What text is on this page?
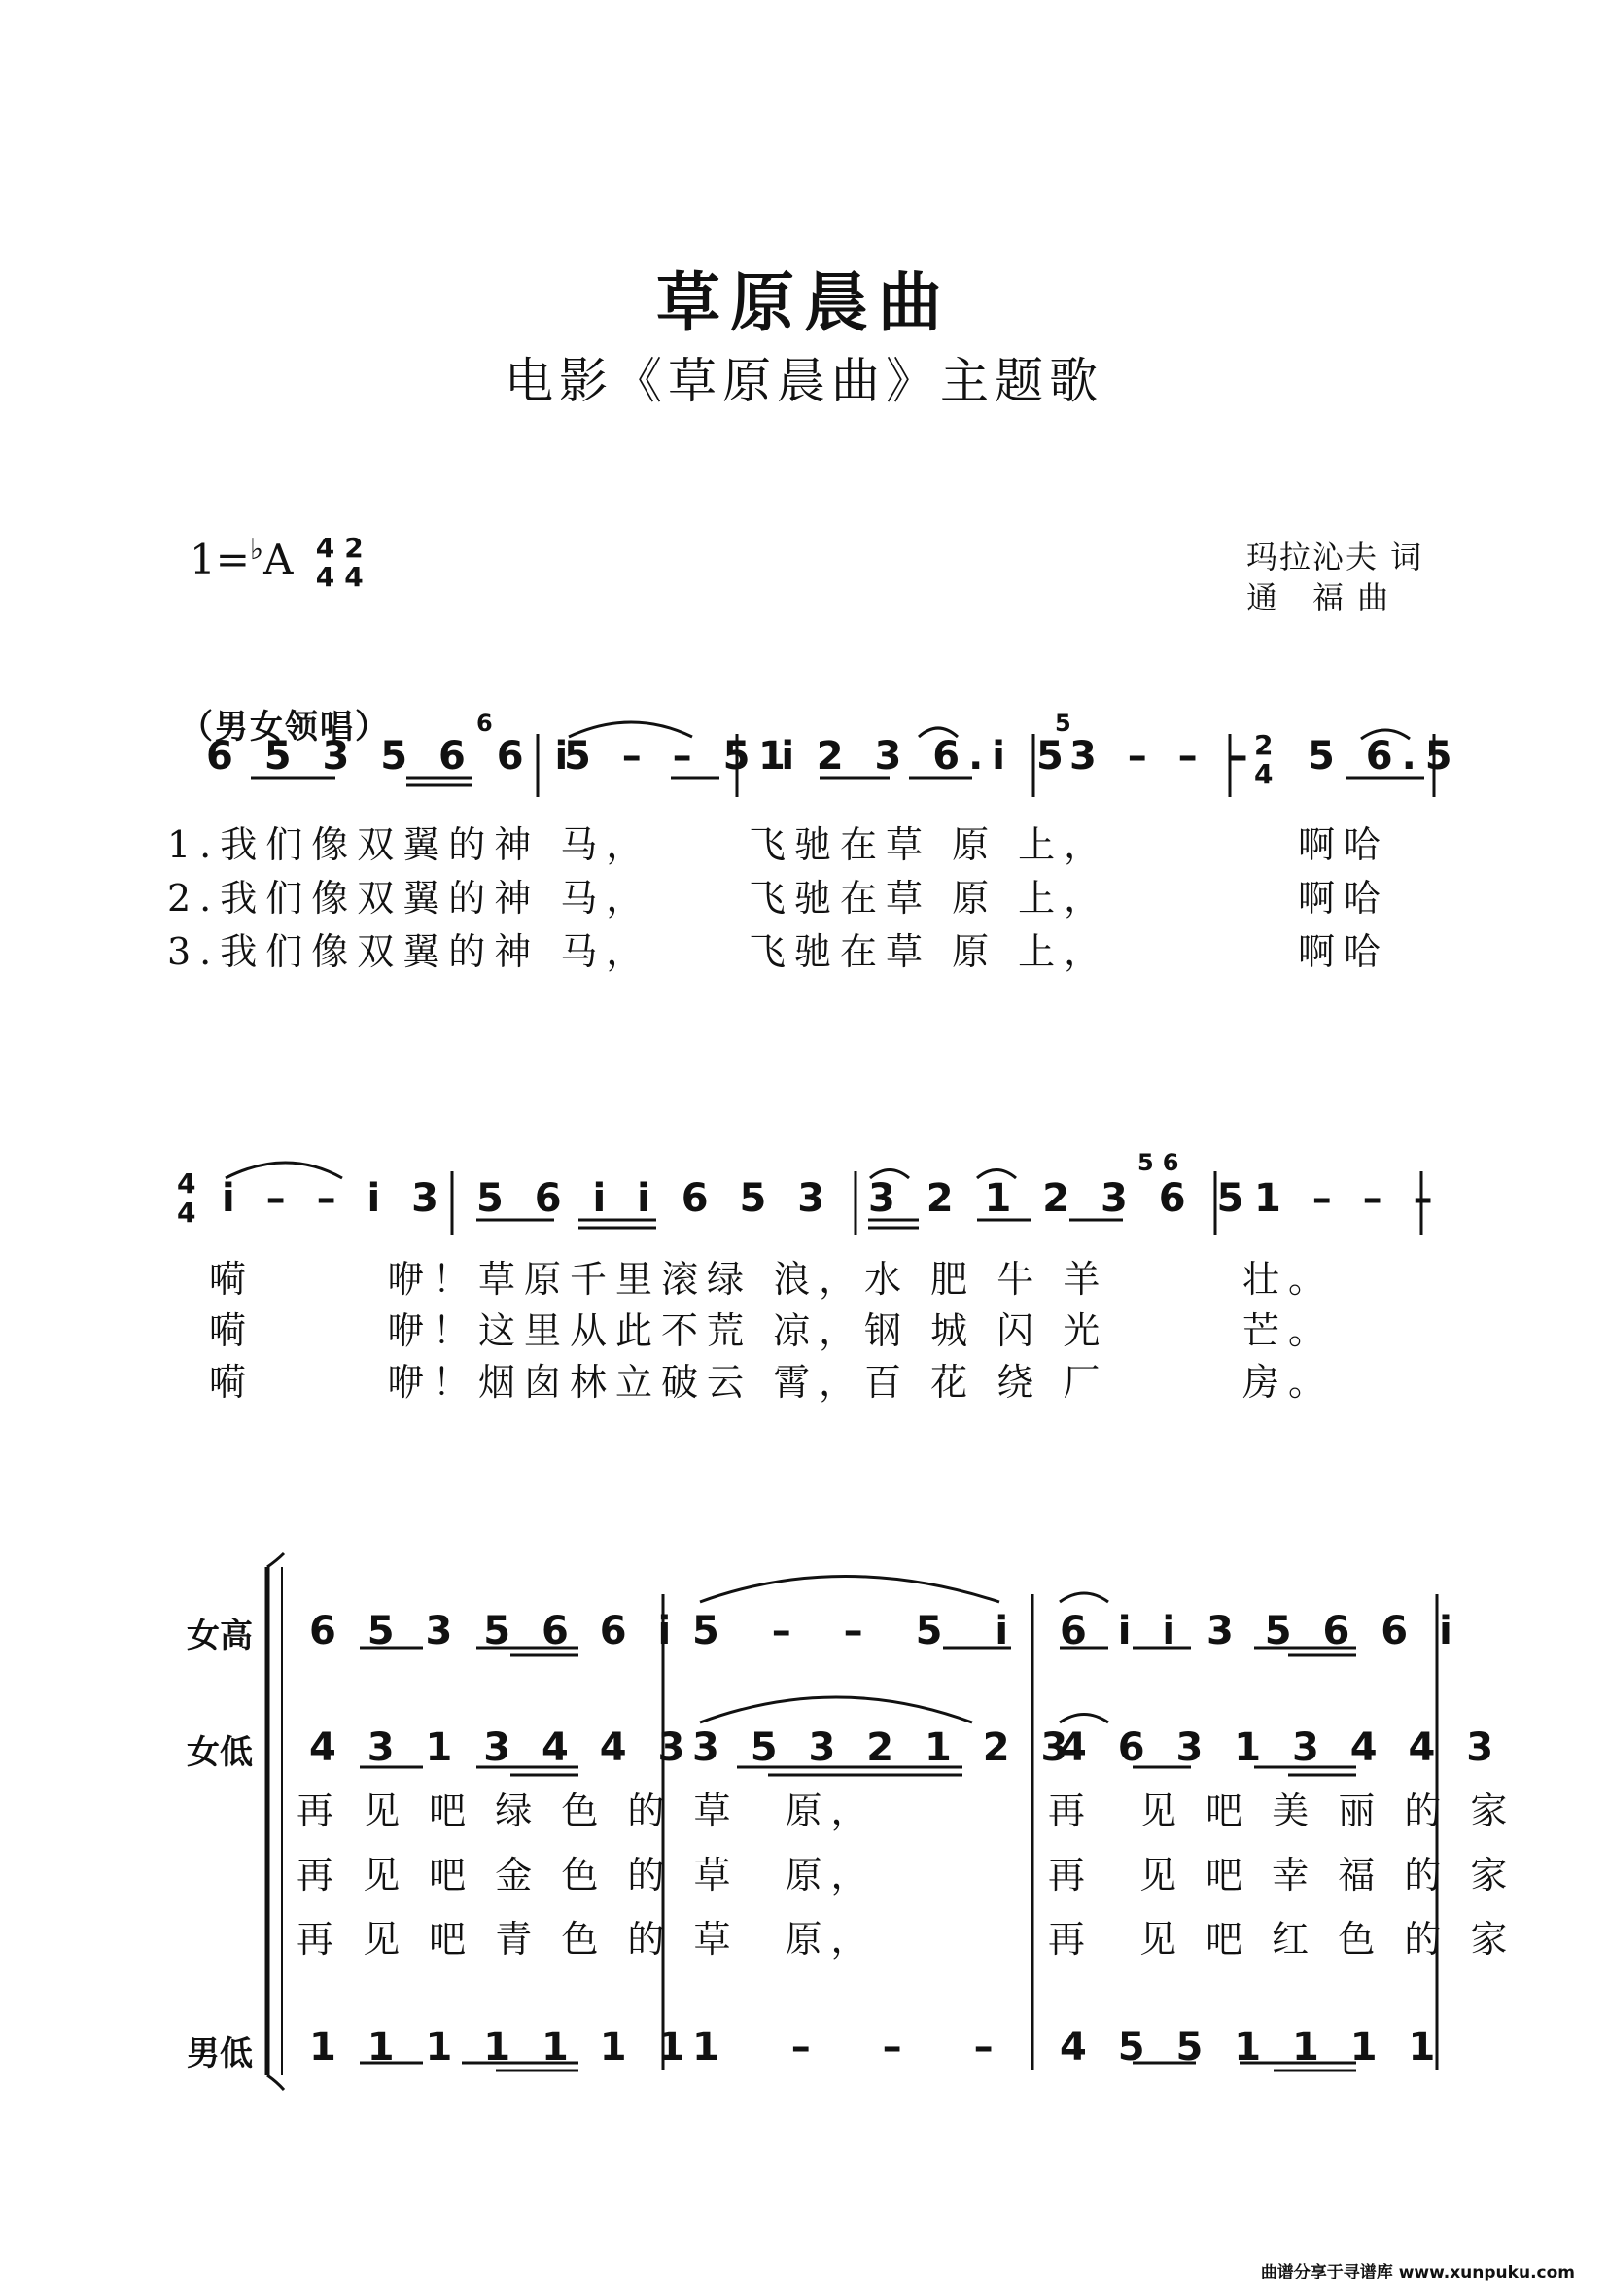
草原晨曲
电影《草原晨曲》主题歌
1=♭A 4
42
4
玛拉沁夫 词
通　福 曲
（男女领唱）
6 5 3 5 6 6 i
6
5 – – 5 i
1 2 3 6.i 5
5
3 – – –
2
4 5 6.5
1.我们像双翼的神 马，	飞驰在草 原 上，	啊哈
2.我们像双翼的神 马，	飞驰在草 原 上，	啊哈
3.我们像双翼的神 马，	飞驰在草 原 上，	啊哈
4
4 i – – i 3 5 6 i i 6 5 3 3 2 1 2 3 6 5
56
1 – – –
嗬	咿！草原千里滚绿 浪，水 肥 牛 羊	壮。
嗬	咿！这里从此不荒 凉，钢 城 闪 光	芒。
嗬	咿！烟囱林立破云 霄，百 花 绕 厂	房。
女高
女低
男低
6 5 3 5 6 6 i 5 – – 5 i 6 i i 3 5 6 6 i
4 3 1 3 4 4 3
3 5 3 2 1 2 3
4 6 3 1 3 4 4 3
再 见 吧 绿 色 的 草　原，	再　见 吧 美 丽 的 家
再 见 吧 金 色 的 草　原，	再　见 吧 幸 福 的 家
再 见 吧 青 色 的 草　原，	再　见 吧 红 色 的 家
1 1 1 1 1 1 1
1 – – – 4 5 5 1 1 1 1
曲谱分享于寻谱库 www.xunpuku.com
